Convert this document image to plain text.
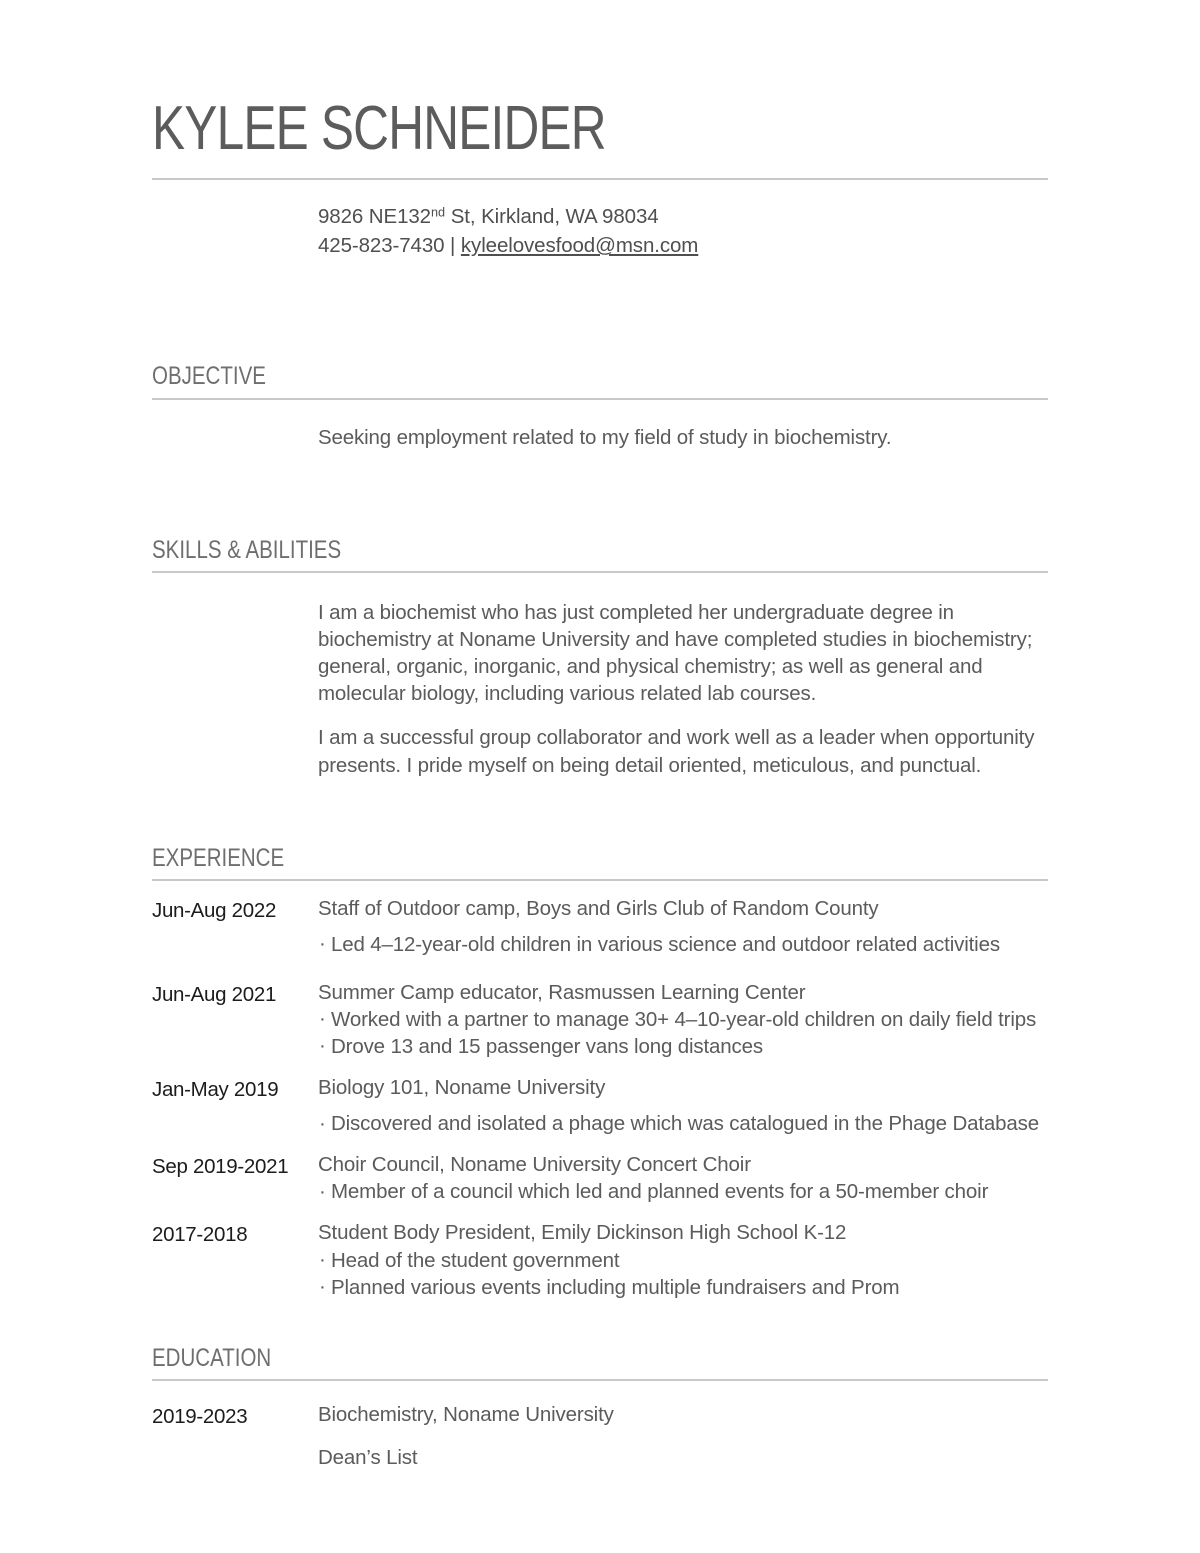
KYLEE SCHNEIDER
9826 NE132nd St, Kirkland, WA 98034
425-823-7430 | kyleelovesfood@msn.com
OBJECTIVE
Seeking employment related to my field of study in biochemistry.
SKILLS & ABILITIES

I am a biochemist who has just completed her undergraduate degree in biochemistry at Noname University and have completed studies in biochemistry; general, organic, inorganic, and physical chemistry; as well as general and molecular biology, including various related lab courses.

I am a successful group collaborator and work well as a leader when opportunity presents. I pride myself on being detail oriented, meticulous, and punctual.

EXPERIENCE
Jun-Aug 2022	Staff of Outdoor camp, Boys and Girls Club of Random County

· Led 4–12-year-old children in various science and outdoor related activities
Jun-Aug 2021	Summer Camp educator, Rasmussen Learning Center

· Worked with a partner to manage 30+ 4–10-year-old children on daily field trips
· Drove 13 and 15 passenger vans long distances
Jan-May 2019	Biology 101, Noname University

· Discovered and isolated a phage which was catalogued in the Phage Database
Sep 2019-2021	Choir Council, Noname University Concert Choir

· Member of a council which led and planned events for a 50-member choir
2017-2018	Student Body President, Emily Dickinson High School K-12

· Head of the student government
· Planned various events including multiple fundraisers and Prom
EDUCATION
2019-2023	Biochemistry, Noname University

Dean’s List
